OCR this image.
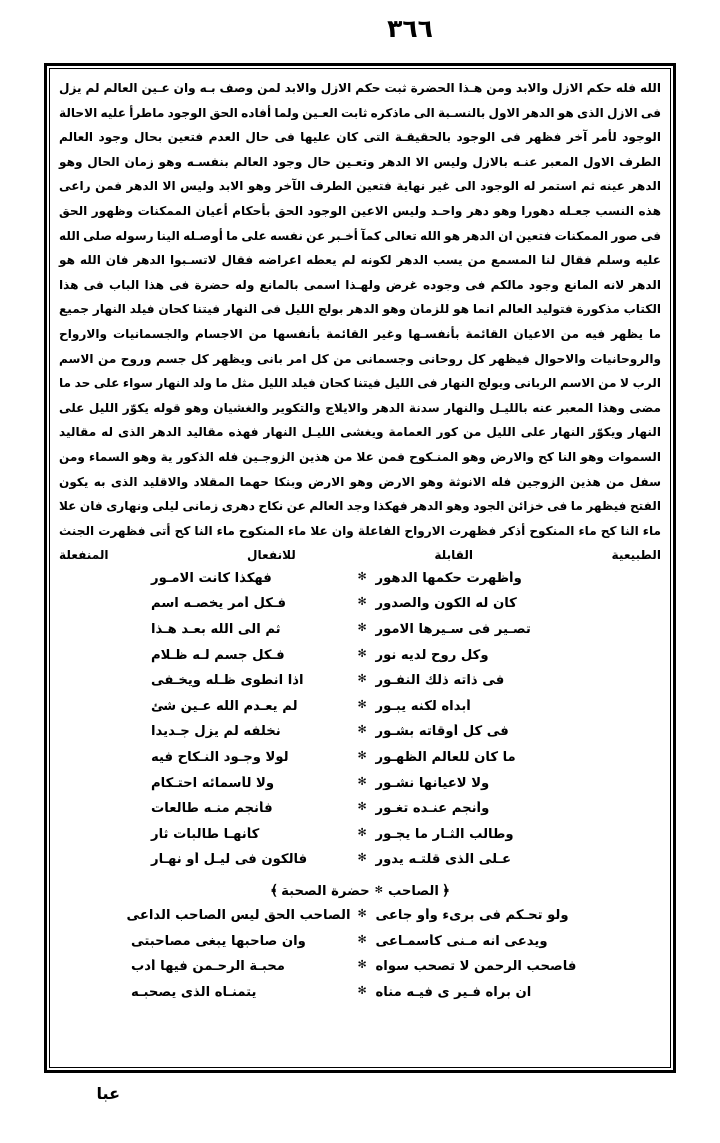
٣٦٦

الله فله حكم الازل والابد ومن هـذا الحضرة ثبت حكم الازل والابد لمن وصف بـه وان عـين العالم لم يزل فى الازل الذى هو الدهر الاول بالنسـبة الى ماذكره ثابت العـين ولما أفاده الحق الوجود ماطرأ عليه الاحالة الوجود لأمر آخر فظهر فى الوجود بالحقيقـة التى كان عليها فى حال العدم فتعين بحال وجود العالم الطرف الاول المعبر عنـه بالازل وليس الا الدهر وتعـين حال وجود العالم بنفسـه وهو زمان الحال وهو الدهر عينه ثم استمر له الوجود الى غير نهاية فتعين الطرف الآخر وهو الابد وليس الا الدهر فمن راعى هذه النسب جعـله دهورا وهو دهر واحـد وليس الاعين الوجود الحق بأحكام أعيان الممكنات وظهور الحق فى صور الممكنات فتعين ان الدهر هو الله تعالى كمآ أخـبر عن نفسه على ما أوصـله الينا رسوله صلى الله عليه وسلم فقال لنا المسمع من يسب الدهر لكونه لم يعطه اعراضه فقال لاتسـبوا الدهر فان الله هو الدهر لانه المانع وجود مالكم فى وجوده غرض ولهـذا اسمى بالمانع وله حضرة فى هذا الباب فى هذا الكتاب مذكورة فتوليد العالم انما هو للزمان وهو الدهر بولج الليل فى النهار فيتنا كحان فيلد النهار جميع ما يظهر فيه من الاعيان القائمة بأنفسـها وغير القائمة بأنفسها من الاجسام والجسمانيات والارواح والروحانيات والاحوال فيظهر كل روحانى وجسمانى من كل امر بانى ويظهر كل جسم وروح من الاسم الرب لا من الاسم الربانى ويولج النهار فى الليل فيتنا كحان فيلد الليل مثل ما ولد النهار سواء على حد ما مضى وهذا المعبر عنه بالليـل والنهار سدنة الدهر والايلاج والتكوير والغشيان وهو قوله يكوّر الليل على النهار ويكوّر النهار على الليل من كور العمامة ويغشى الليـل النهار فهذه مقاليد الدهر الذى له مقاليد السموات وهو النا كح والارض وهو المنـكوح فمن علا من هذين الزوجـين فله الذكور ية وهو السماء ومن سفل من هذين الزوجين فله الانوثة وهو الارض وهو الارض وبنكا حهما المقلاد والاقليد الذى به يكون الفتح فيظهر ما فى خزائن الجود وهو الدهر فهكذا وجد العالم عن نكاح دهرى زمانى ليلى ونهارى فان علا ماء النا كح ماء المنكوح أذكر فظهرت الارواح الفاعلة وان علا ماء المنكوح ماء النا كح أتى فظهرت الجنث الطبيعية القابلة للانفعال المنفعلة

وأظهرت حكمها الدهور
✻
فهكذا كانت الامـور
كان له الكون والصدور
✻
فـكل أمر يخصـه اسم
تصـير فى سـيرها الامور
✻
ثم الى الله بعـد هـذا
وكل روح لديه نور
✻
فـكل جسم لـه ظـلام
فى ذاته ذلك النفـور
✻
اذا انطوى ظـله ويخـفى
أبداه لكنه يبـور
✻
لم يعـدم الله عـين شئ
فى كل أوقاته بشـور
✻
نخلفه لم يزل جـديدا
ما كان للعالم الظهـور
✻
لولا وجـود النـكاح فيه
ولا لاعيانها نشـور
✻
ولا لأسمائه احتـكام
وأنجم عنـده تغـور
✻
فأنجم منـه طالعات
وطالب الثـار ما يجـور
✻
كأنهـا طالبات ثار
عـلى الذى قلتـه يدور
✻
فالكون فى ليـل أو نهـار
﴿الصاحب✻حضرة الصحبة﴾
ولو تحـكم فى برىء وأو جاعى
✻
الصاحب الحق ليس الصاحب الداعى
ويدعى انه مـنى كأسمـاعى
✻
وان صاحبها يبغى مصاحبتى
فاصحب الرحمن لا تصحب سواه
✻
محبـة الرحـمن فيها أدب
ان براه فـير ى فيـه مناه
✻
يتمنـاه الذى يصحبـه
عبا
